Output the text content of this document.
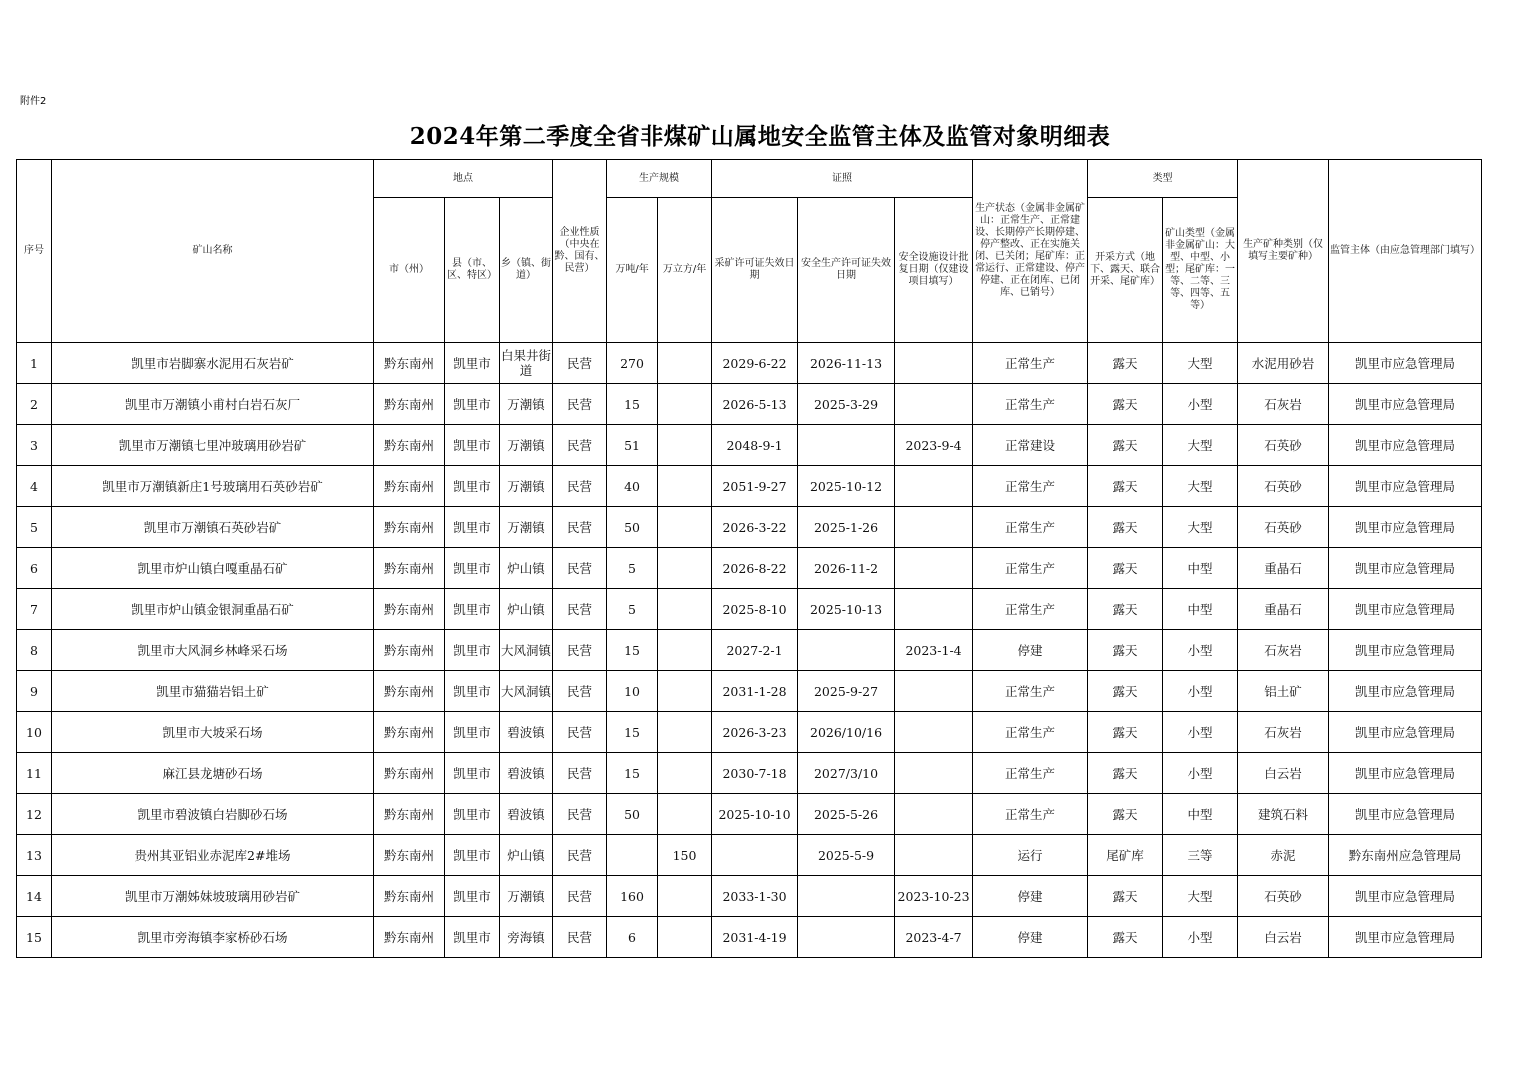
附件2
2024年第二季度全省非煤矿山属地安全监管主体及监管对象明细表
序号	矿山名称	地点			企业性质（中央在黔、国有、民营）	生产规模		证照			生产状态（金属非金属矿山：正常生产、正常建设、长期停产长期停建、停产整改、正在实施关闭、已关闭；尾矿库：正常运行、正常建设、停产停建、正在闭库、已闭库、已销号）	类型		生产矿种类别（仅填写主要矿种）	监管主体（由应急管理部门填写）
		市（州）	县（市、区、特区）	乡（镇、街道）		万吨/年	万立方/年	采矿许可证失效日期	安全生产许可证失效日期	安全设施设计批复日期（仅建设项目填写）		开采方式（地下、露天、联合开采、尾矿库）	矿山类型（金属非金属矿山：大型、中型、小型；尾矿库：一等、二等、三等、四等、五等）		
1	凯里市岩脚寨水泥用石灰岩矿	黔东南州	凯里市	白果井街道	民营	270		2029-6-22	2026-11-13		正常生产	露天	大型	水泥用砂岩	凯里市应急管理局
2	凯里市万潮镇小甫村白岩石灰厂	黔东南州	凯里市	万潮镇	民营	15		2026-5-13	2025-3-29		正常生产	露天	小型	石灰岩	凯里市应急管理局
3	凯里市万潮镇七里冲玻璃用砂岩矿	黔东南州	凯里市	万潮镇	民营	51		2048-9-1		2023-9-4	正常建设	露天	大型	石英砂	凯里市应急管理局
4	凯里市万潮镇新庄1号玻璃用石英砂岩矿	黔东南州	凯里市	万潮镇	民营	40		2051-9-27	2025-10-12		正常生产	露天	大型	石英砂	凯里市应急管理局
5	凯里市万潮镇石英砂岩矿	黔东南州	凯里市	万潮镇	民营	50		2026-3-22	2025-1-26		正常生产	露天	大型	石英砂	凯里市应急管理局
6	凯里市炉山镇白嘎重晶石矿	黔东南州	凯里市	炉山镇	民营	5		2026-8-22	2026-11-2		正常生产	露天	中型	重晶石	凯里市应急管理局
7	凯里市炉山镇金银洞重晶石矿	黔东南州	凯里市	炉山镇	民营	5		2025-8-10	2025-10-13		正常生产	露天	中型	重晶石	凯里市应急管理局
8	凯里市大风洞乡林峰采石场	黔东南州	凯里市	大风洞镇	民营	15		2027-2-1		2023-1-4	停建	露天	小型	石灰岩	凯里市应急管理局
9	凯里市猫猫岩铝土矿	黔东南州	凯里市	大风洞镇	民营	10		2031-1-28	2025-9-27		正常生产	露天	小型	铝土矿	凯里市应急管理局
10	凯里市大坡采石场	黔东南州	凯里市	碧波镇	民营	15		2026-3-23	2026/10/16		正常生产	露天	小型	石灰岩	凯里市应急管理局
11	麻江县龙塘砂石场	黔东南州	凯里市	碧波镇	民营	15		2030-7-18	2027/3/10		正常生产	露天	小型	白云岩	凯里市应急管理局
12	凯里市碧波镇白岩脚砂石场	黔东南州	凯里市	碧波镇	民营	50		2025-10-10	2025-5-26		正常生产	露天	中型	建筑石料	凯里市应急管理局
13	贵州其亚铝业赤泥库2#堆场	黔东南州	凯里市	炉山镇	民营		150		2025-5-9		运行	尾矿库	三等	赤泥	黔东南州应急管理局
14	凯里市万潮姊妹坡玻璃用砂岩矿	黔东南州	凯里市	万潮镇	民营	160		2033-1-30		2023-10-23	停建	露天	大型	石英砂	凯里市应急管理局
15	凯里市旁海镇李家桥砂石场	黔东南州	凯里市	旁海镇	民营	6		2031-4-19		2023-4-7	停建	露天	小型	白云岩	凯里市应急管理局
